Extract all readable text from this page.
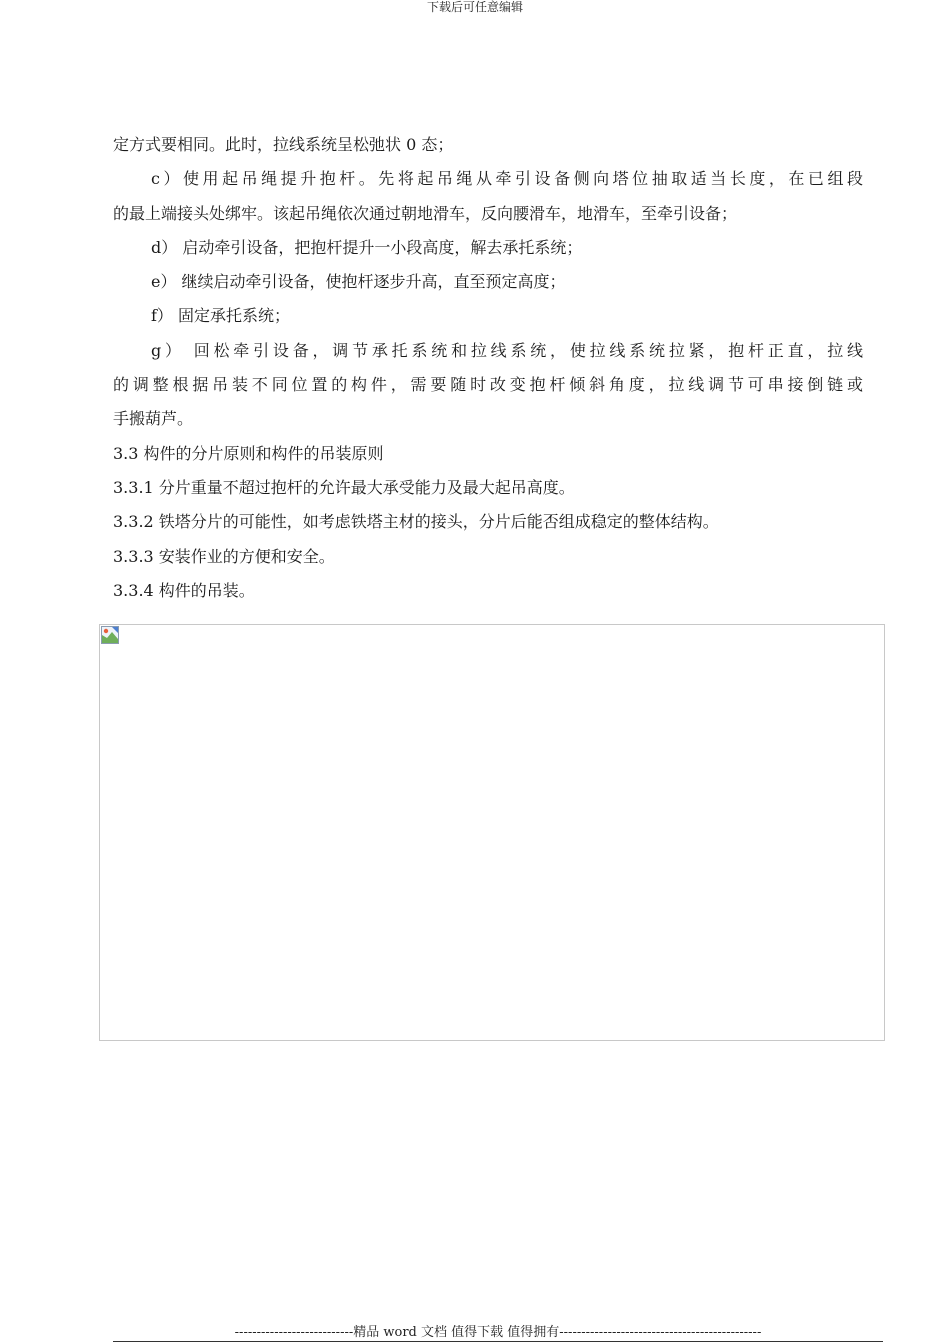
下载后可任意编辑
定方式要相同。此时，拉线系统呈松弛状 0 态；
c）使用起吊绳提升抱杆。先将起吊绳从牵引设备侧向塔位抽取适当长度，在已组段
的最上端接头处绑牢。该起吊绳依次通过朝地滑车，反向腰滑车，地滑车，至牵引设备；
d） 启动牵引设备，把抱杆提升一小段高度，解去承托系统；
e） 继续启动牵引设备，使抱杆逐步升高，直至预定高度；
f） 固定承托系统；
g） 回松牵引设备，调节承托系统和拉线系统，使拉线系统拉紧，抱杆正直，拉线
的调整根据吊装不同位置的构件，需要随时改变抱杆倾斜角度，拉线调节可串接倒链或
手搬葫芦。
3.3 构件的分片原则和构件的吊装原则
3.3.1 分片重量不超过抱杆的允许最大承受能力及最大起吊高度。
3.3.2 铁塔分片的可能性，如考虑铁塔主材的接头，分片后能否组成稳定的整体结构。
3.3.3 安装作业的方便和安全。
3.3.4 构件的吊装。
---------------------------精品 word 文档 值得下载 值得拥有----------------------------------------------
